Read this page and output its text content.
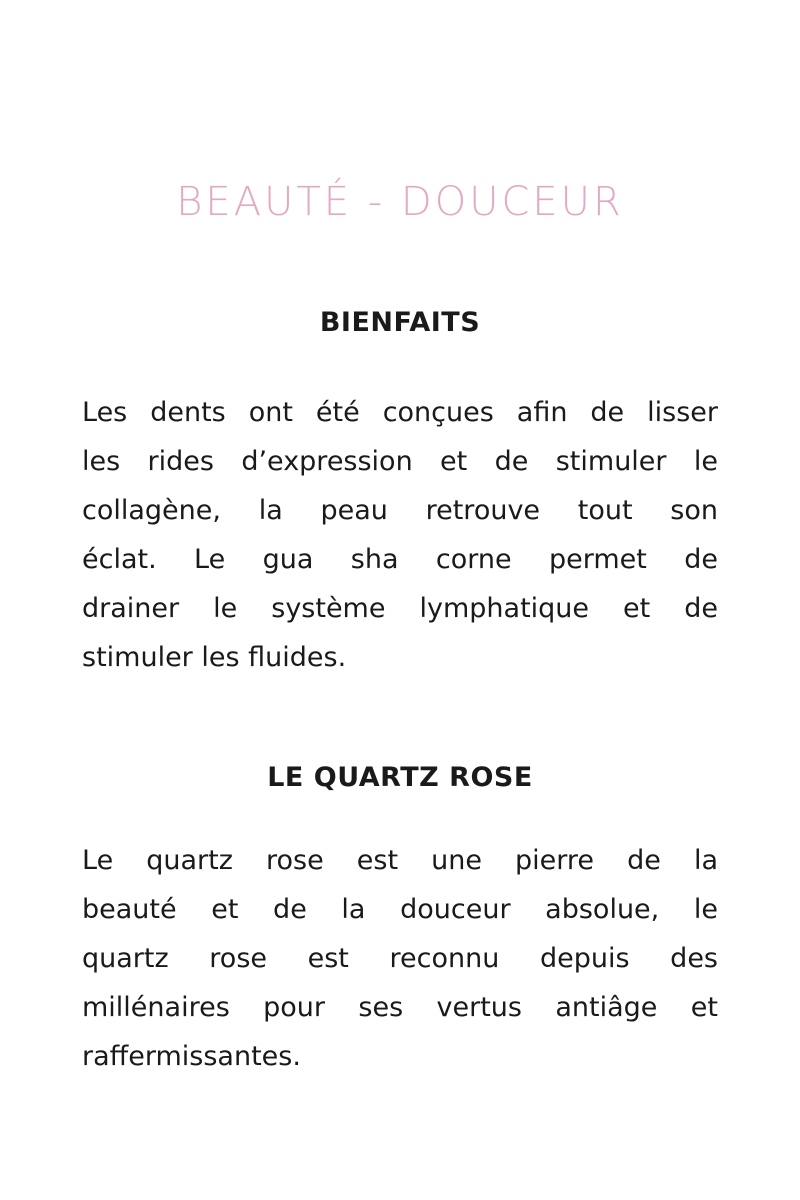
BEAUTÉ - DOUCEUR
BIENFAITS
Les dents ont été conçues afin de lisser
les rides d’expression et de stimuler le
collagène, la peau retrouve tout son
éclat. Le gua sha corne permet de
drainer le système lymphatique et de
stimuler les fluides.
LE QUARTZ ROSE
Le quartz rose est une pierre de la
beauté et de la douceur absolue, le
quartz rose est reconnu depuis des
millénaires pour ses vertus antiâge et
raffermissantes.
